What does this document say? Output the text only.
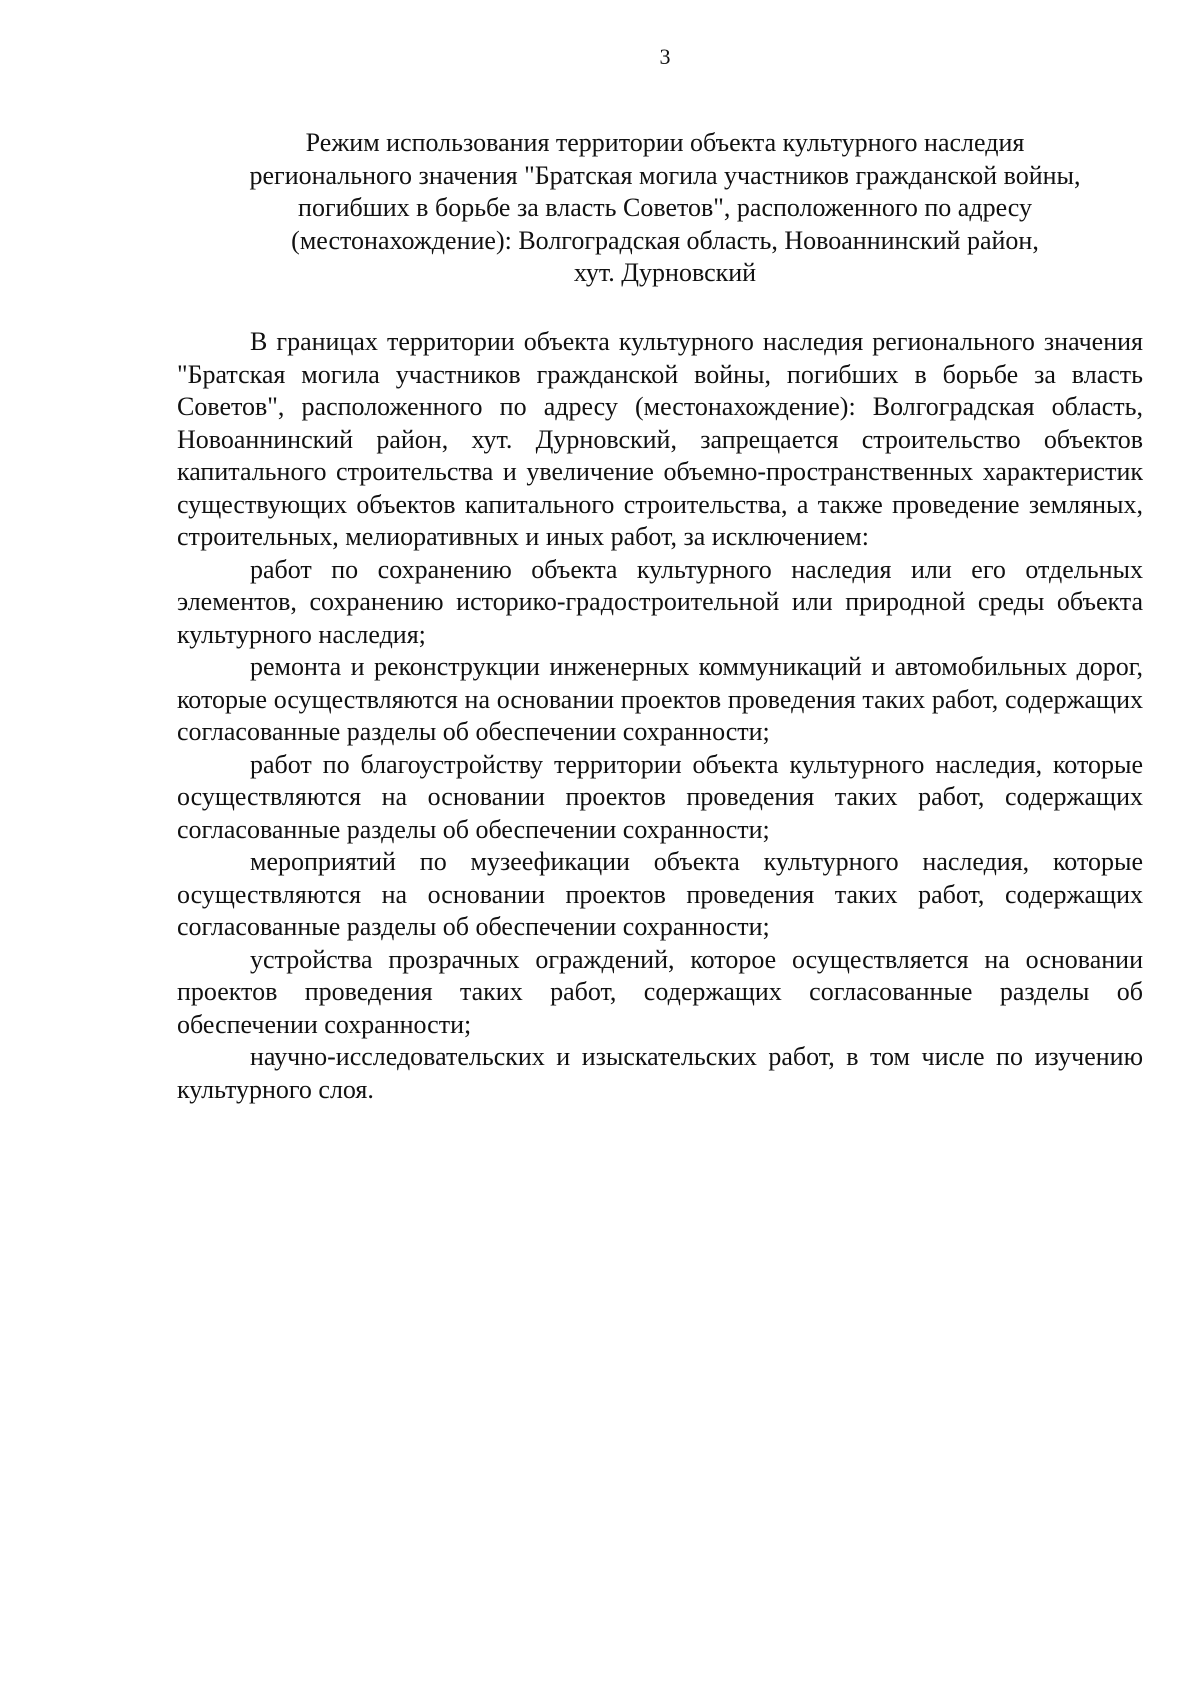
3
Режим использования территории объекта культурного наследия
регионального значения "Братская могила участников гражданской войны,
погибших в борьбе за власть Советов", расположенного по адресу
(местонахождение): Волгоградская область, Новоаннинский район,
хут. Дурновский

В границах территории объекта культурного наследия регионального значения "Братская могила участников гражданской войны, погибших в борьбе за власть Советов", расположенного по адресу (местонахождение): Волгоградская область, Новоаннинский район, хут. Дурновский, запрещается строительство объектов капитального строительства и увеличение объемно-пространственных характеристик существующих объектов капитального строительства, а также проведение земляных, строительных, мелиоративных и иных работ, за исключением:

работ по сохранению объекта культурного наследия или его отдельных элементов, сохранению историко-градостроительной или природной среды объекта культурного наследия;

ремонта и реконструкции инженерных коммуникаций и автомобильных дорог, которые осуществляются на основании проектов проведения таких работ, содержащих согласованные разделы об обеспечении сохранности;

работ по благоустройству территории объекта культурного наследия, которые осуществляются на основании проектов проведения таких работ, содержащих согласованные разделы об обеспечении сохранности;

мероприятий по музеефикации объекта культурного наследия, которые осуществляются на основании проектов проведения таких работ, содержащих согласованные разделы об обеспечении сохранности;

устройства прозрачных ограждений, которое осуществляется на основании проектов проведения таких работ, содержащих согласованные разделы об обеспечении сохранности;

научно-исследовательских и изыскательских работ, в том числе по изучению культурного слоя.
